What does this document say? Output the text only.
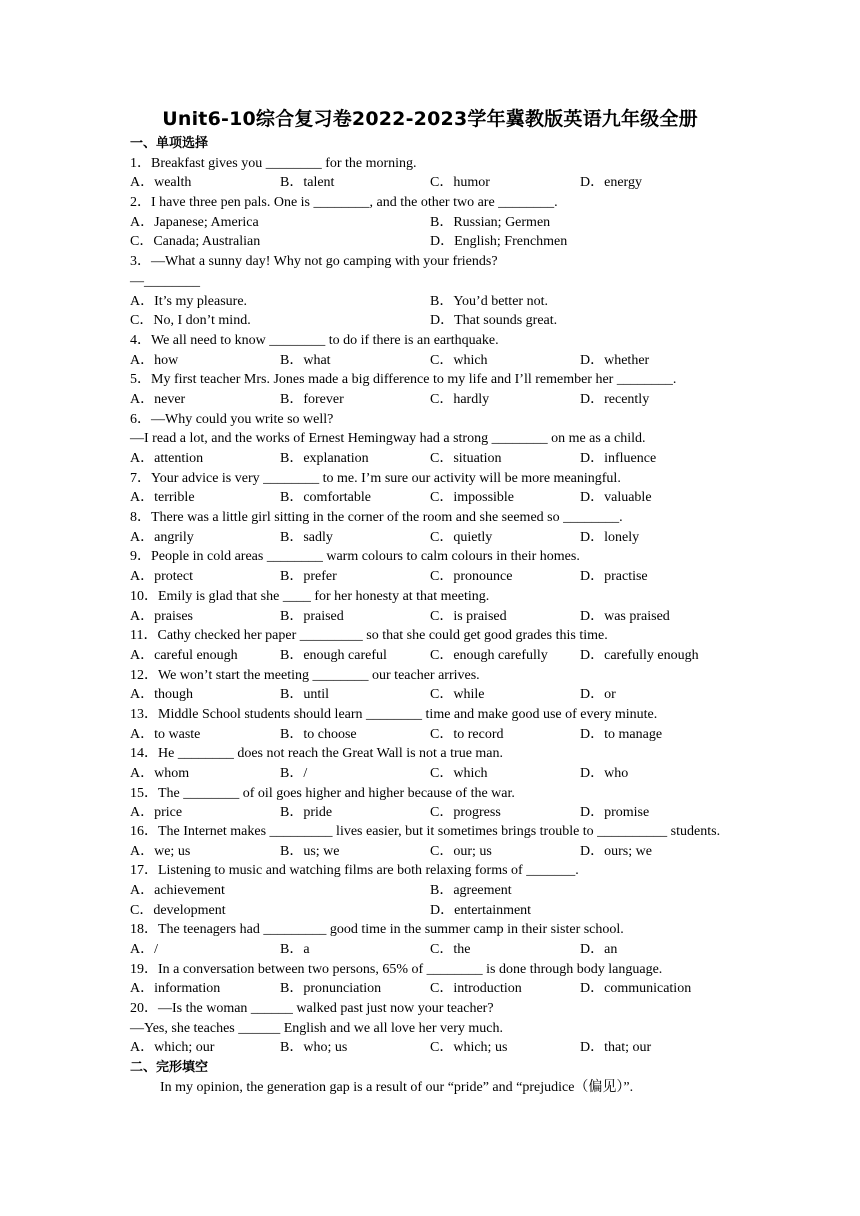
Unit6-10综合复习卷2022-2023学年冀教版英语九年级全册
一、单项选择
1．Breakfast gives you ________ for the morning.
A．wealth	B．talent	C．humor	D．energy
2．I have three pen pals. One is ________, and the other two are ________.
A．Japanese; America	B．Russian; Germen
C．Canada; Australian	D．English; Frenchmen
3．—What a sunny day! Why not go camping with your friends?
—________
A．It’s my pleasure.	B．You’d better not.
C．No, I don’t mind.	D．That sounds great.
4．We all need to know ________ to do if there is an earthquake.
A．how	B．what	C．which	D．whether
5．My first teacher Mrs. Jones made a big difference to my life and I’ll remember her ________.
A．never	B．forever	C．hardly	D．recently
6．—Why could you write so well?
—I read a lot, and the works of Ernest Hemingway had a strong ________ on me as a child.
A．attention	B．explanation	C．situation	D．influence
7．Your advice is very ________ to me. I’m sure our activity will be more meaningful.
A．terrible	B．comfortable	C．impossible	D．valuable
8．There was a little girl sitting in the corner of the room and she seemed so ________.
A．angrily	B．sadly	C．quietly	D．lonely
9．People in cold areas ________ warm colours to calm colours in their homes.
A．protect	B．prefer	C．pronounce	D．practise
10．Emily is glad that she ____ for her honesty at that meeting.
A．praises	B．praised	C．is praised	D．was praised
11．Cathy checked her paper _________ so that she could get good grades this time.
A．careful enough	B．enough careful	C．enough carefully D．carefully enough
12．We won’t start the meeting ________ our teacher arrives.
A．though	B．until	C．while	D．or
13．Middle School students should learn ________ time and make good use of every minute.
A．to waste	B．to choose	C．to record	D．to manage
14．He ________ does not reach the Great Wall is not a true man.
A．whom	B．/	C．which	D．who
15．The ________ of oil goes higher and higher because of the war.
A．price	B．pride	C．progress	D．promise
16．The Internet makes _________ lives easier, but it sometimes brings trouble to __________ students.
A．we; us	B．us; we	C．our; us	D．ours; we
17．Listening to music and watching films are both relaxing forms of _______.
A．achievement	B．agreement
C．development	D．entertainment
18．The teenagers had _________ good time in the summer camp in their sister school.
A．/	B．a	C．the	D．an
19．In a conversation between two persons, 65% of ________ is done through body language.
A．information	B．pronunciation	C．introduction	D．communication
20．—Is the woman ______ walked past just now your teacher?
—Yes, she teaches ______ English and we all love her very much.
A．which; our	B．who; us	C．which; us	D．that; our
二、完形填空
In my opinion, the generation gap is a result of our “pride” and “prejudice（偏见）”.
